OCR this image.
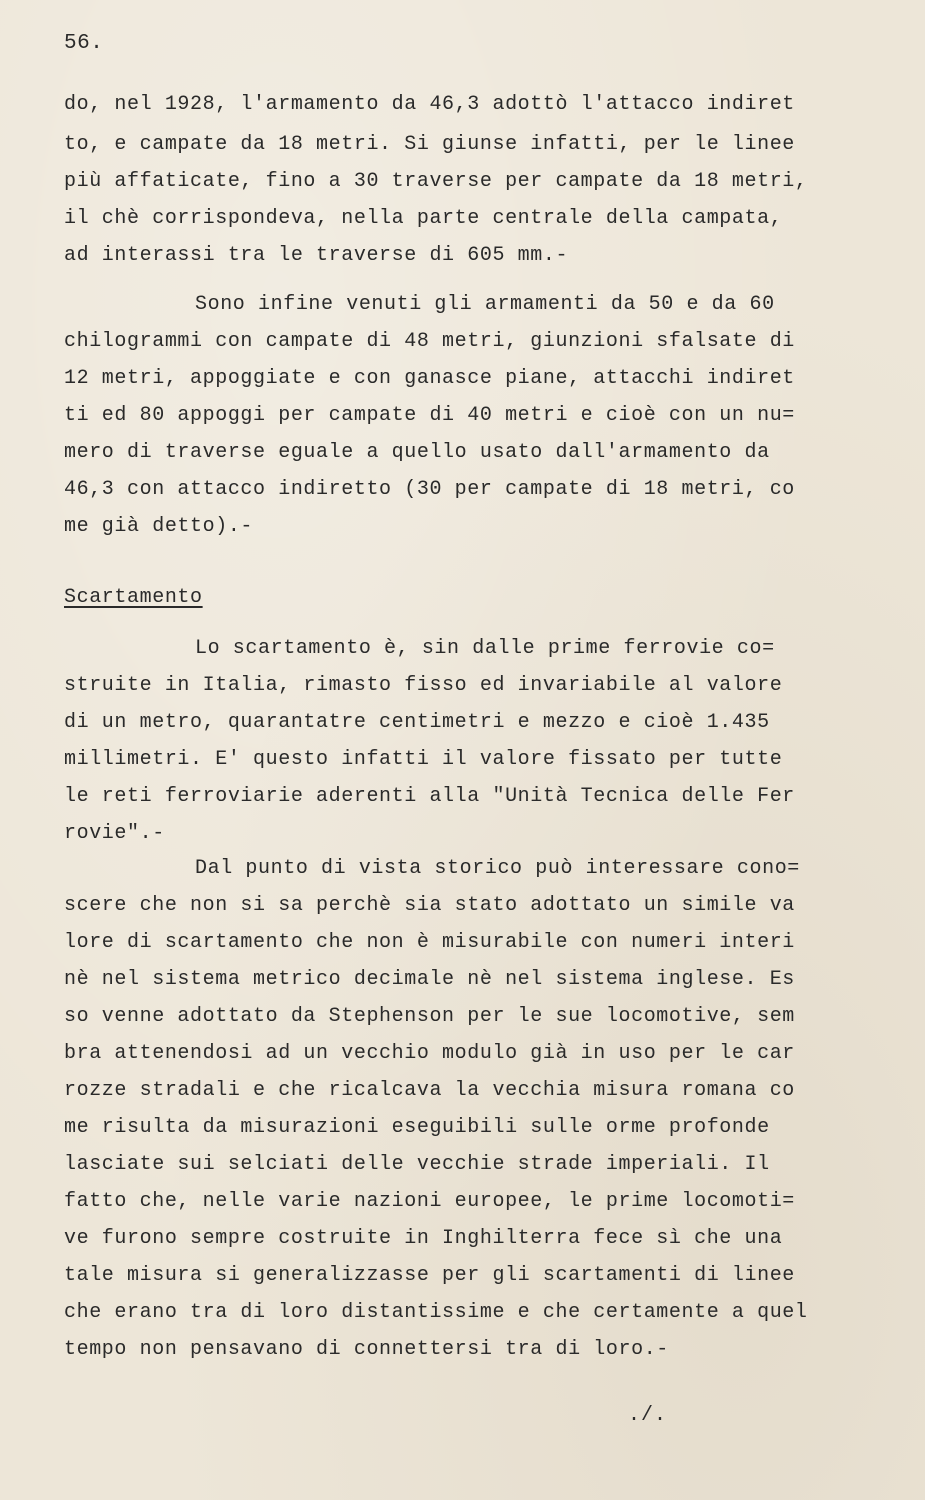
56.
do, nel 1928, l'armamento da 46,3 adottò l'attacco indiret
to, e campate da 18 metri. Si giunse infatti, per le linee
più affaticate, fino a 30 traverse per campate da 18 metri,
il chè corrispondeva, nella parte centrale della campata,
ad interassi tra le traverse di 605 mm.-
Sono infine venuti gli armamenti da 50 e da 60
chilogrammi con campate di 48 metri, giunzioni sfalsate di
12 metri, appoggiate e con ganasce piane, attacchi indiret
ti ed 80 appoggi per campate di 40 metri e cioè con un nu=
mero di traverse eguale a quello usato dall'armamento da
46,3 con attacco indiretto (30 per campate di 18 metri, co
me già detto).-
Scartamento
Lo scartamento è, sin dalle prime ferrovie co=
struite in Italia, rimasto fisso ed invariabile al valore
di un metro, quarantatre centimetri e mezzo e cioè 1.435
millimetri. E' questo infatti il valore fissato per tutte
le reti ferroviarie aderenti alla "Unità Tecnica delle Fer
rovie".-
Dal punto di vista storico può interessare cono=
scere che non si sa perchè sia stato adottato un simile va
lore di scartamento che non è misurabile con numeri interi
nè nel sistema metrico decimale nè nel sistema inglese. Es
so venne adottato da Stephenson per le sue locomotive, sem
bra attenendosi ad un vecchio modulo già in uso per le car
rozze stradali e che ricalcava la vecchia misura romana co
me risulta da misurazioni eseguibili sulle orme profonde
lasciate sui selciati delle vecchie strade imperiali. Il
fatto che, nelle varie nazioni europee, le prime locomoti=
ve furono sempre costruite in Inghilterra fece sì che una
tale misura si generalizzasse per gli scartamenti di linee
che erano tra di loro distantissime e che certamente a quel
tempo non pensavano di connettersi tra di loro.-
./.
